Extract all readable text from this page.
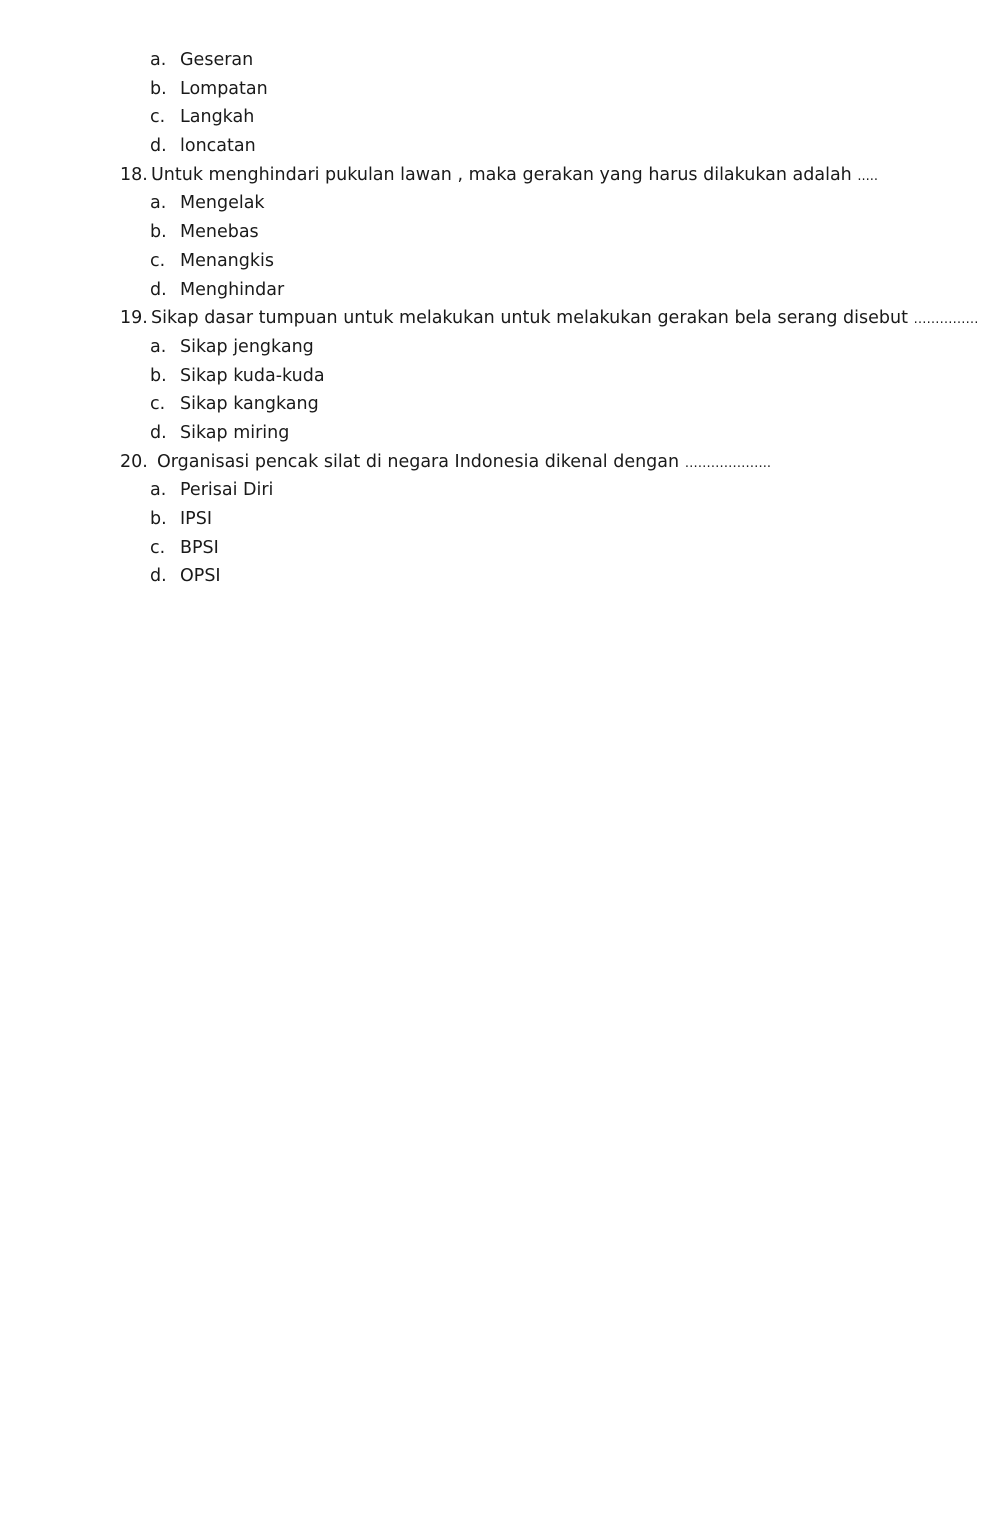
a. Geseran
b. Lompatan
c. Langkah
d. loncatan
18. Untuk menghindari pukulan lawan , maka gerakan yang harus dilakukan adalah .....
a. Mengelak
b. Menebas
c. Menangkis
d. Menghindar
19. Sikap dasar tumpuan untuk melakukan untuk melakukan gerakan bela serang disebut ……………
a. Sikap jengkang
b. Sikap kuda-kuda
c. Sikap kangkang
d. Sikap miring
20. Organisasi pencak silat di negara Indonesia dikenal dengan ………………..
a. Perisai Diri
b. IPSI
c. BPSI
d. OPSI
